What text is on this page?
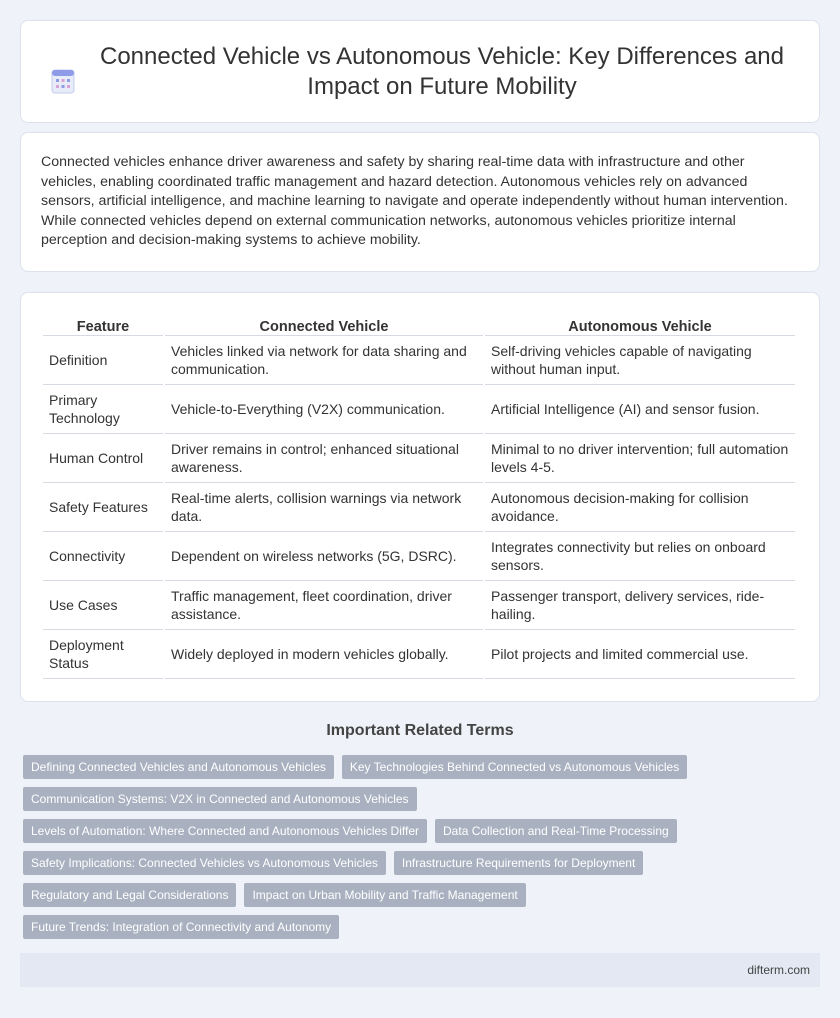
Connected Vehicle vs Autonomous Vehicle: Key Differences and Impact on Future Mobility

Connected vehicles enhance driver awareness and safety by sharing real-time data with infrastructure and other vehicles, enabling coordinated traffic management and hazard detection. Autonomous vehicles rely on advanced sensors, artificial intelligence, and machine learning to navigate and operate independently without human intervention. While connected vehicles depend on external communication networks, autonomous vehicles prioritize internal perception and decision-making systems to achieve mobility.

Feature	Connected Vehicle	Autonomous Vehicle
Definition	Vehicles linked via network for data sharing and communication.	Self-driving vehicles capable of navigating without human input.
Primary Technology	Vehicle-to-Everything (V2X) communication.	Artificial Intelligence (AI) and sensor fusion.
Human Control	Driver remains in control; enhanced situational awareness.	Minimal to no driver intervention; full automation levels 4-5.
Safety Features	Real-time alerts, collision warnings via network data.	Autonomous decision-making for collision avoidance.
Connectivity	Dependent on wireless networks (5G, DSRC).	Integrates connectivity but relies on onboard sensors.
Use Cases	Traffic management, fleet coordination, driver assistance.	Passenger transport, delivery services, ride-hailing.
Deployment Status	Widely deployed in modern vehicles globally.	Pilot projects and limited commercial use.
Important Related Terms
Defining Connected Vehicles and Autonomous Vehicles	Key Technologies Behind Connected vs Autonomous Vehicles
Communication Systems: V2X in Connected and Autonomous Vehicles
Levels of Automation: Where Connected and Autonomous Vehicles Differ	Data Collection and Real-Time Processing
Safety Implications: Connected Vehicles vs Autonomous Vehicles	Infrastructure Requirements for Deployment
Regulatory and Legal Considerations	Impact on Urban Mobility and Traffic Management
Future Trends: Integration of Connectivity and Autonomy
difterm.com
